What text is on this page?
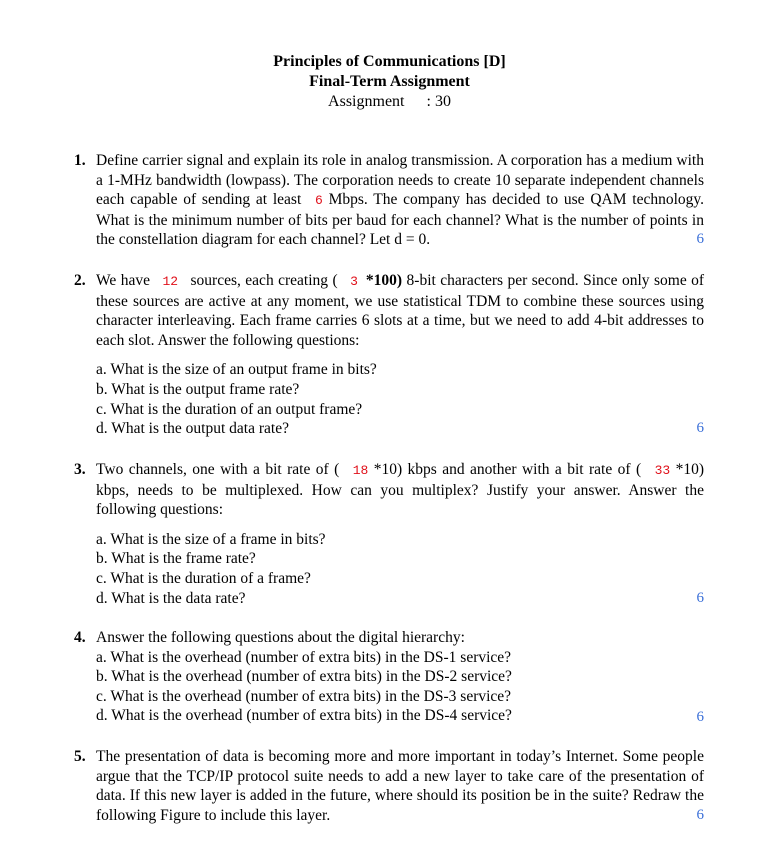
Principles of Communications [D]
Final-Term Assignment
Assignment : 30
1. Define carrier signal and explain its role in analog transmission. A corporation has a medium with a 1-MHz bandwidth (lowpass). The corporation needs to create 10 separate independent channels each capable of sending at least 6 Mbps. The company has decided to use QAM technology. What is the minimum number of bits per baud for each channel? What is the number of points in the constellation diagram for each channel? Let d = 0.	6
2. We have 12 sources, each creating ( 3 *100) 8-bit characters per second. Since only some of these sources are active at any moment, we use statistical TDM to combine these sources using character interleaving. Each frame carries 6 slots at a time, but we need to add 4-bit addresses to each slot. Answer the following questions:
a. What is the size of an output frame in bits?
b. What is the output frame rate?
c. What is the duration of an output frame?
d. What is the output data rate?	6
3. Two channels, one with a bit rate of ( 18 *10) kbps and another with a bit rate of ( 33 *10) kbps, needs to be multiplexed. How can you multiplex? Justify your answer. Answer the following questions:
a. What is the size of a frame in bits?
b. What is the frame rate?
c. What is the duration of a frame?
d. What is the data rate?	6
4. Answer the following questions about the digital hierarchy:
a. What is the overhead (number of extra bits) in the DS-1 service?
b. What is the overhead (number of extra bits) in the DS-2 service?
c. What is the overhead (number of extra bits) in the DS-3 service?
d. What is the overhead (number of extra bits) in the DS-4 service?	6
5. The presentation of data is becoming more and more important in today’s Internet. Some people argue that the TCP/IP protocol suite needs to add a new layer to take care of the presentation of data. If this new layer is added in the future, where should its position be in the suite? Redraw the following Figure to include this layer.	6
